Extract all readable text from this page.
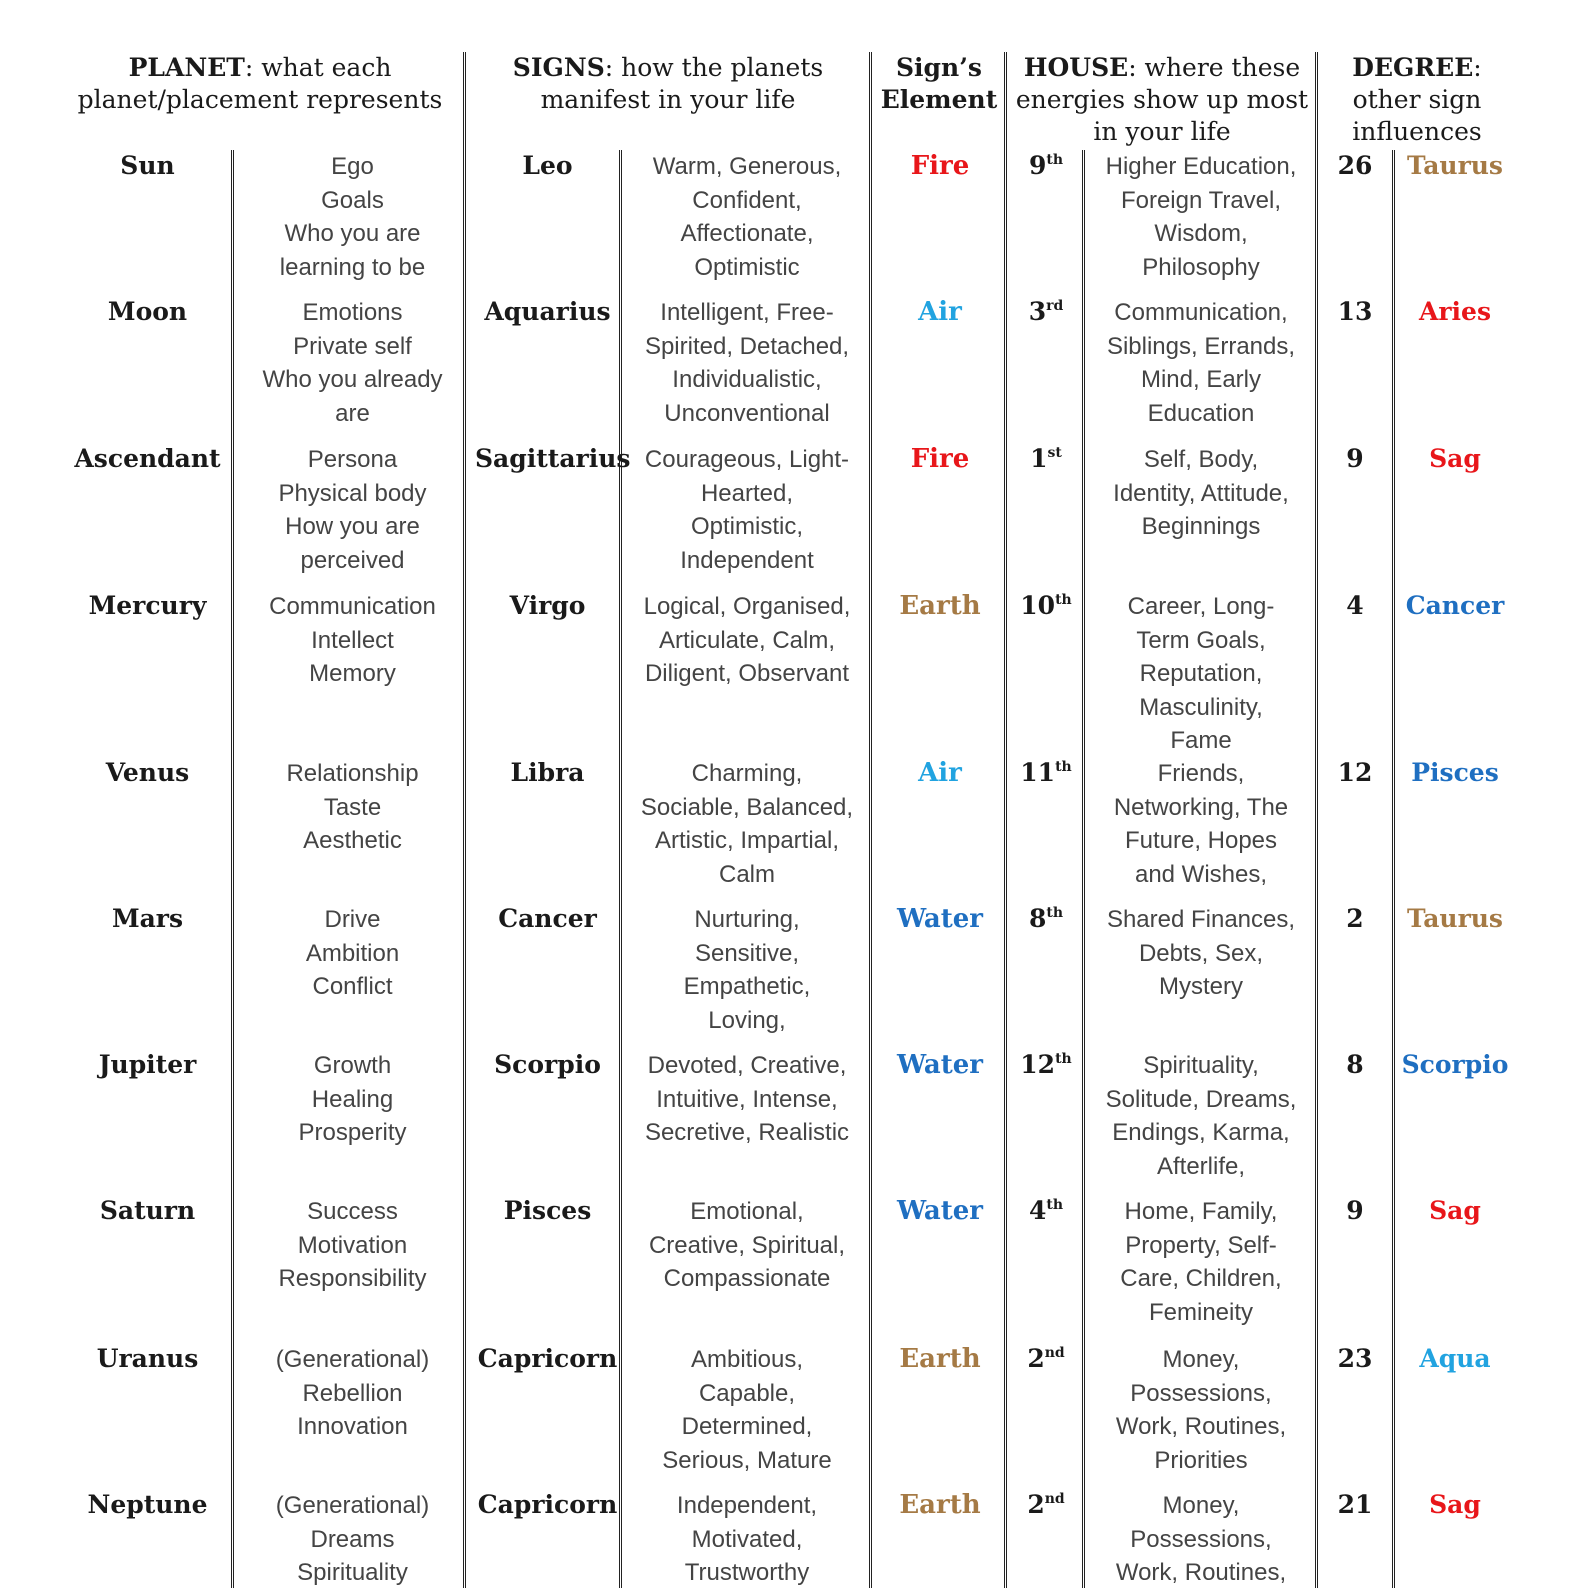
PLANET: what each
planet/placement represents
SIGNS: how the planets
manifest in your life
Sign’s
Element
HOUSE: where these
energies show up most
in your life
DEGREE:
other sign
influences
Sun	Ego
Goals
Who you are
learning to be
Leo	Warm, Generous,
Confident,
Affectionate,
Optimistic
Fire	9th	Higher Education,
Foreign Travel,
Wisdom,
Philosophy
26	Taurus
Moon	Emotions
Private self
Who you already
are
Aquarius	Intelligent, Free-
Spirited, Detached,
Individualistic,
Unconventional
Air	3rd	Communication,
Siblings, Errands,
Mind, Early
Education
13	Aries
Ascendant	Persona
Physical body
How you are
perceived
Sagittarius Courageous, Light-
Hearted,
Optimistic,
Independent
Fire	1st	Self, Body,
Identity, Attitude,
Beginnings
9	Sag
Mercury	Communication
Intellect
Memory
Virgo	Logical, Organised,
Articulate, Calm,
Diligent, Observant
Earth	10th	Career, Long-
Term Goals,
Reputation,
Masculinity,
Fame
4	Cancer
Venus	Relationship
Taste
Aesthetic
Libra	Charming,
Sociable, Balanced,
Artistic, Impartial,
Calm
Air	11th	Friends,
Networking, The
Future, Hopes
and Wishes,
12	Pisces
Mars	Drive
Ambition
Conflict
Cancer	Nurturing,
Sensitive,
Empathetic,
Loving,
Water	8th	Shared Finances,
Debts, Sex,
Mystery
2	Taurus
Jupiter	Growth
Healing
Prosperity
Scorpio	Devoted, Creative,
Intuitive, Intense,
Secretive, Realistic
Water	12th	Spirituality,
Solitude, Dreams,
Endings, Karma,
Afterlife,
8	Scorpio
Saturn	Success
Motivation
Responsibility
Pisces	Emotional,
Creative, Spiritual,
Compassionate
Water	4th	Home, Family,
Property, Self-
Care, Children,
Femineity
9	Sag
Uranus	(Generational)
Rebellion
Innovation
Capricorn	Ambitious,
Capable,
Determined,
Serious, Mature
Earth	2nd	Money,
Possessions,
Work, Routines,
Priorities
23	Aqua
Neptune	(Generational)
Dreams
Spirituality
Capricorn	Independent,
Motivated,
Trustworthy
Earth	2nd	Money,
Possessions,
Work, Routines,
21	Sag
